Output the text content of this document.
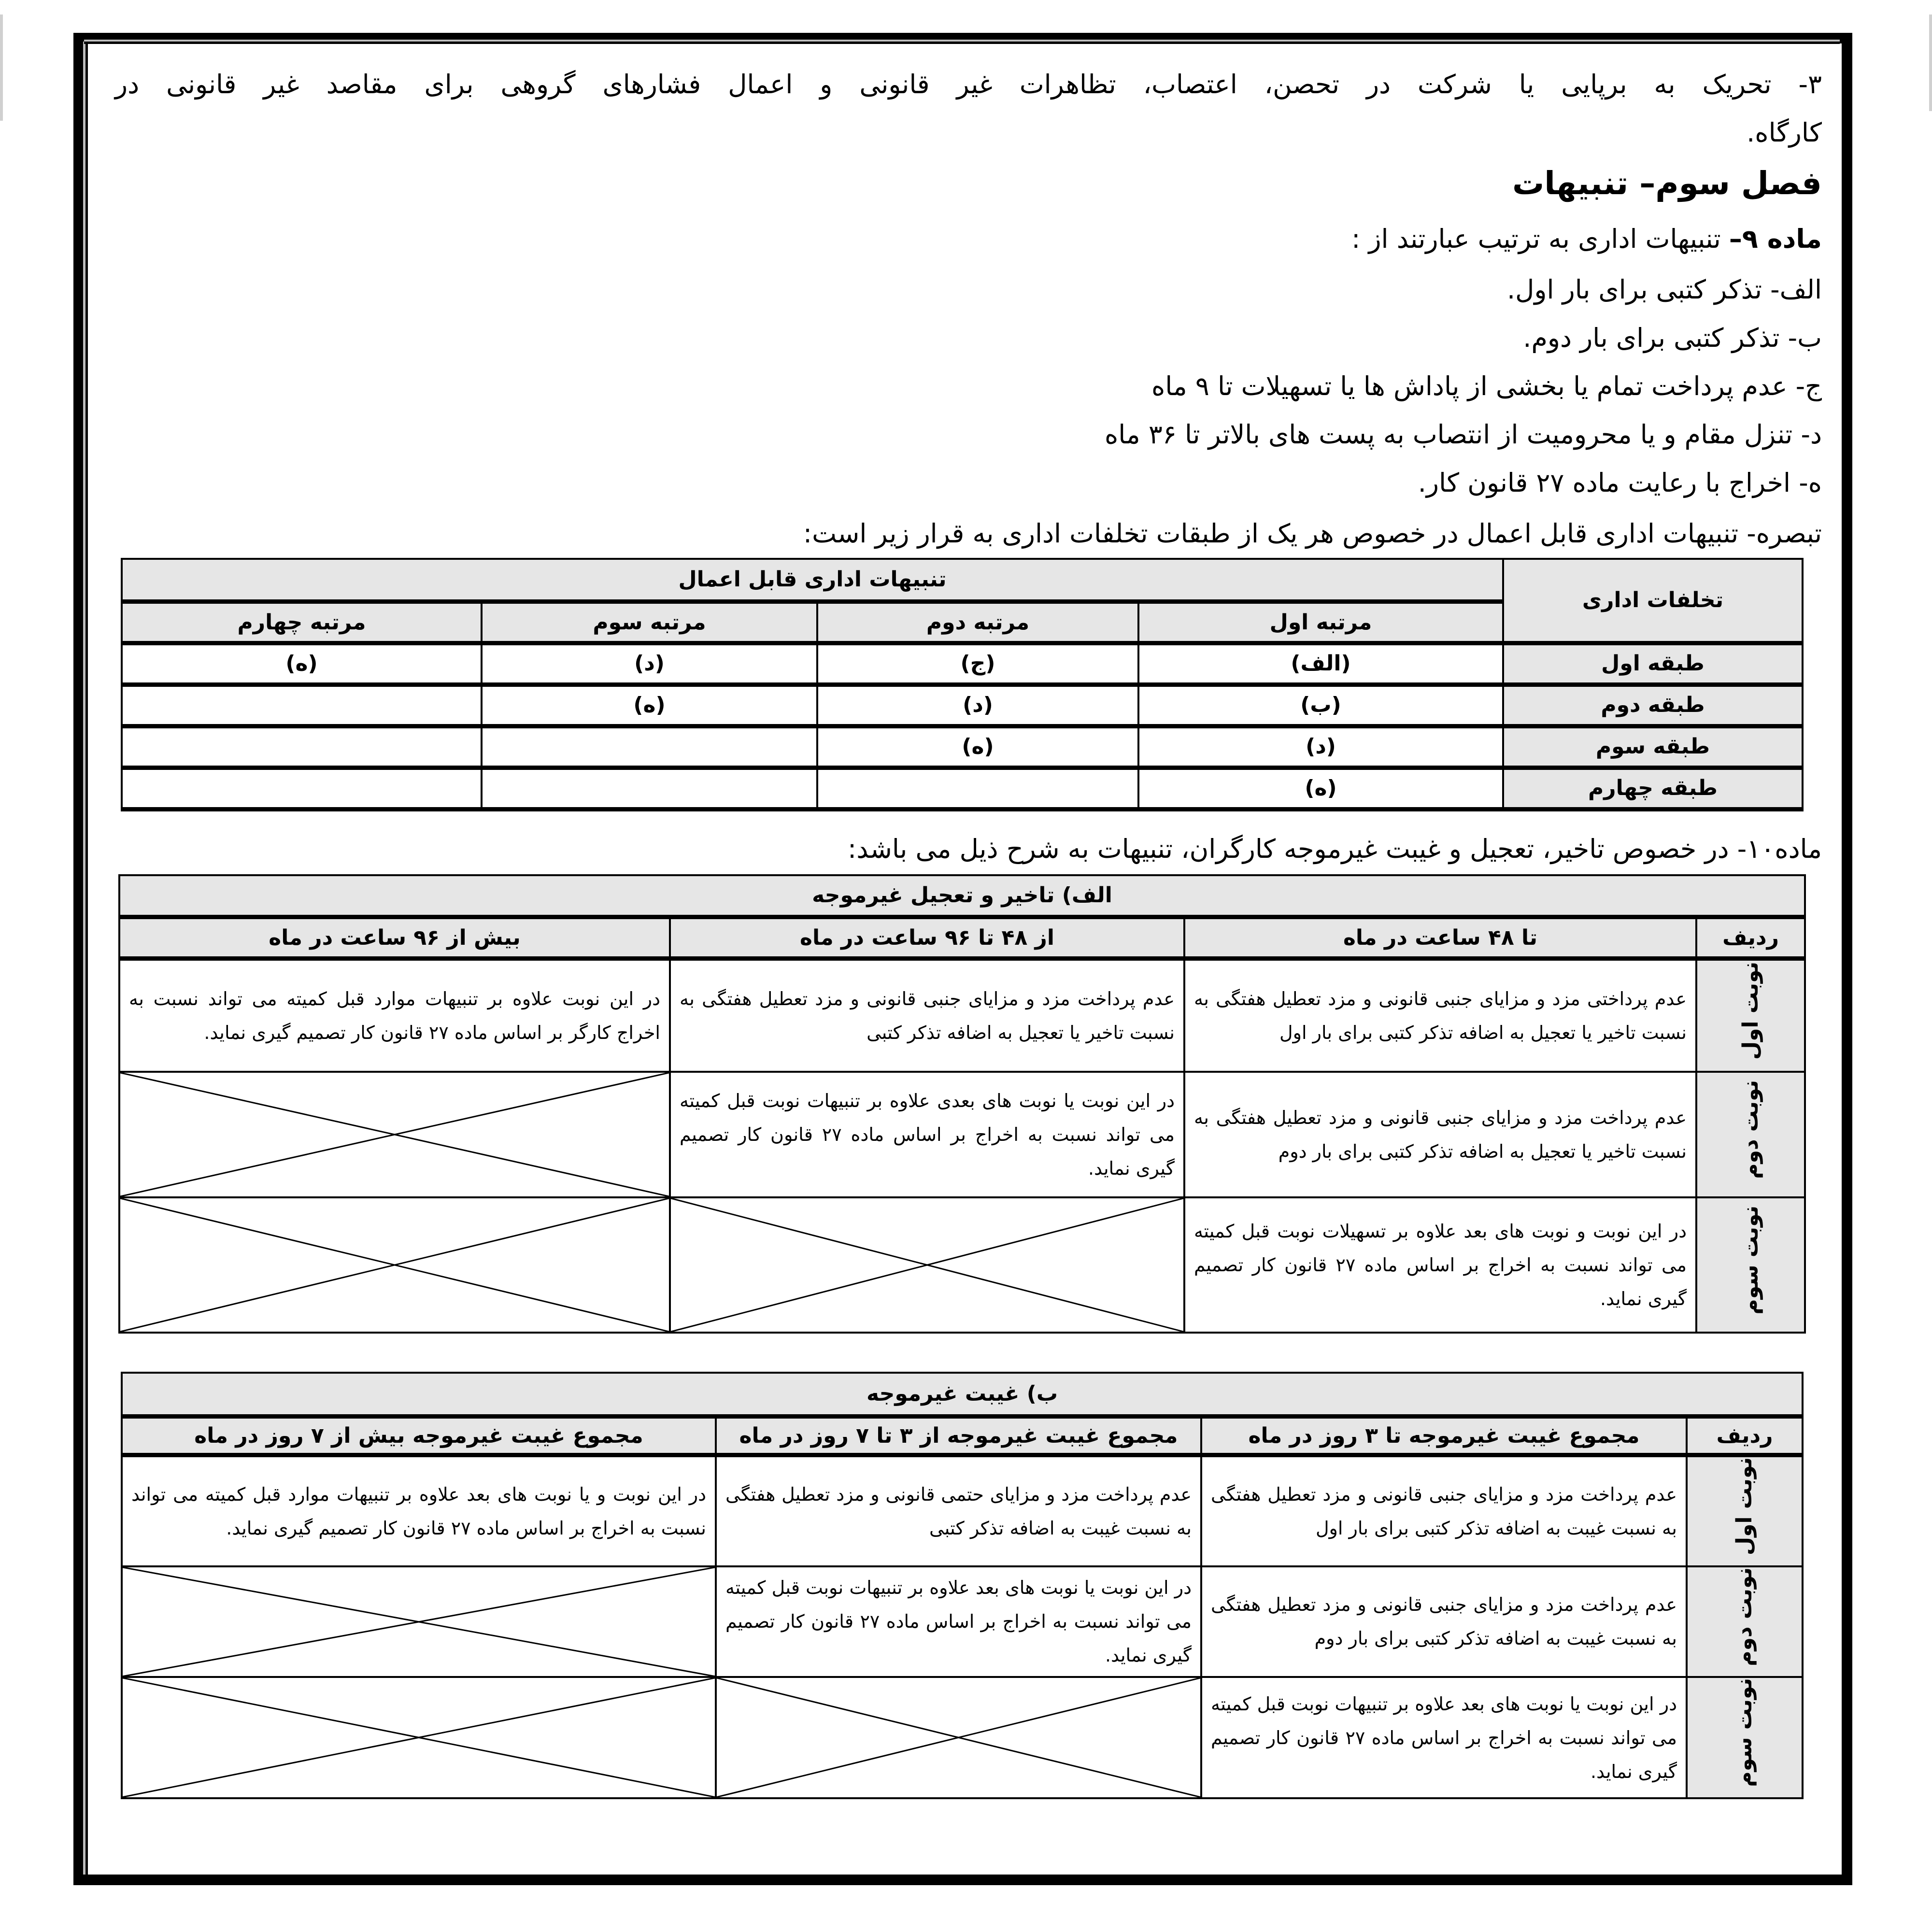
۳- تحریک به برپایی یا شرکت در تحصن، اعتصاب، تظاهرات غیر قانونی و اعمال فشارهای گروهی برای مقاصد غیر قانونی در
کارگاه.
فصل سوم– تنبیهات
ماده ۹– تنبیهات اداری به ترتیب عبارتند از :
الف- تذکر کتبی برای بار اول.
ب- تذکر کتبی برای بار دوم.
ج- عدم پرداخت تمام یا بخشی از پاداش ها یا تسهیلات تا ۹ ماه
د- تنزل مقام و یا محرومیت از انتصاب به پست های بالاتر تا ۳۶ ماه
ه- اخراج با رعایت ماده ۲۷ قانون کار.
تبصره- تنبیهات اداری قابل اعمال در خصوص هر یک از طبقات تخلفات اداری به قرار زیر است:
تخلفات اداری	تنبیهات اداری قابل اعمال			
	مرتبه اول	مرتبه دوم	مرتبه سوم	مرتبه چهارم
طبقه اول	(الف)	(ج)	(د)	(ه)
طبقه دوم	(ب)	(د)	(ه)	
طبقه سوم	(د)	(ه)		
طبقه چهارم	(ه)			
ماده۱۰- در خصوص تاخیر، تعجیل و غیبت غیرموجه کارگران، تنبیهات به شرح ذیل می باشد:
الف) تاخیر و تعجیل غیرموجه			
ردیف	تا ۴۸ ساعت در ماه	از ۴۸ تا ۹۶ ساعت در ماه	بیش از ۹۶ ساعت در ماه
نوبت اول	عدم پرداختی مزد و مزایای جنبی قانونی و مزد تعطیل هفتگی به نسبت تاخیر یا تعجیل به اضافه تذکر کتبی برای بار اول	عدم پرداخت مزد و مزایای جنبی قانونی و مزد تعطیل هفتگی به نسبت تاخیر یا تعجیل به اضافه تذکر کتبی	در این نوبت علاوه بر تنبیهات موارد قبل کمیته می تواند نسبت به اخراج کارگر بر اساس ماده ۲۷ قانون کار تصمیم گیری نماید.
نوبت دوم	عدم پرداخت مزد و مزایای جنبی قانونی و مزد تعطیل هفتگی به نسبت تاخیر یا تعجیل به اضافه تذکر کتبی برای بار دوم	در این نوبت یا نوبت های بعدی علاوه بر تنبیهات نوبت قبل کمیته می تواند نسبت به اخراج بر اساس ماده ۲۷ قانون کار تصمیم گیری نماید.	

نوبت سوم	در این نوبت و نوبت های بعد علاوه بر تسهیلات نوبت قبل کمیته می تواند نسبت به اخراج بر اساس ماده ۲۷ قانون کار تصمیم گیری نماید.	

ب) غیبت غیرموجه			
ردیف	مجموع غیبت غیرموجه تا ۳ روز در ماه	مجموع غیبت غیرموجه از ۳ تا ۷ روز در ماه	مجموع غیبت غیرموجه بیش از ۷ روز در ماه
نوبت اول	عدم پرداخت مزد و مزایای جنبی قانونی و مزد تعطیل هفتگی به نسبت غیبت به اضافه تذکر کتبی برای بار اول	عدم پرداخت مزد و مزایای حتمی قانونی و مزد تعطیل هفتگی به نسبت غیبت به اضافه تذکر کتبی	در این نوبت و یا نوبت های بعد علاوه بر تنبیهات موارد قبل کمیته می تواند نسبت به اخراج بر اساس ماده ۲۷ قانون کار تصمیم گیری نماید.
نوبت دوم	عدم پرداخت مزد و مزایای جنبی قانونی و مزد تعطیل هفتگی به نسبت غیبت به اضافه تذکر کتبی برای بار دوم	در این نوبت یا نوبت های بعد علاوه بر تنبیهات نوبت قبل کمیته می تواند نسبت به اخراج بر اساس ماده ۲۷ قانون کار تصمیم گیری نماید.	

نوبت سوم	در این نوبت یا نوبت های بعد علاوه بر تنبیهات نوبت قبل کمیته می تواند نسبت به اخراج بر اساس ماده ۲۷ قانون کار تصمیم گیری نماید.	
